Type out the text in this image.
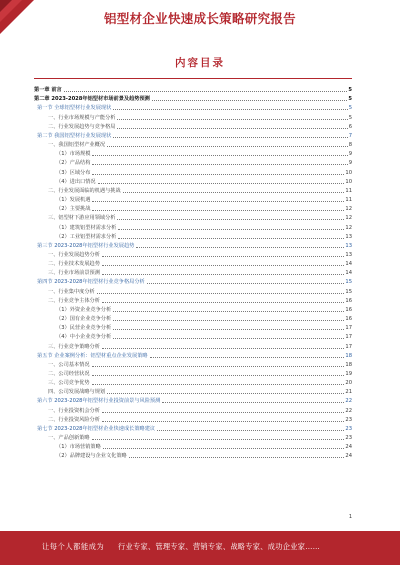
铝型材企业快速成长策略研究报告
内容目录
第一章 前言	5
第二章 2023-2028年铝型材市场前景及趋势预测	5
第一节 全球铝型材行业发展现状	5
一、行业市场规模与产能分析	5
二、行业发展趋势与竞争格局	6
第二节 我国铝型材行业发展现状	7
一、我国铝型材产业概况	8
（1）市场规模	9
（2）产品结构	9
（3）区域分布	10
（4）进出口情况	10
二、行业发展面临的机遇与挑战	11
（1）发展机遇	11
（2）主要挑战	12
三、铝型材下游应用领域分析	12
（1）建筑铝型材需求分析	12
（2）工业铝型材需求分析	13
第三节 2023-2028年铝型材行业发展趋势	13
一、行业发展趋势分析	13
二、行业技术发展趋势	14
三、行业市场前景预测	14
第四节 2023-2028年铝型材行业竞争格局分析	15
一、行业集中度分析	15
二、行业竞争主体分析	16
（1）外资企业竞争分析	16
（2）国有企业竞争分析	16
（3）民营企业竞争分析	17
（4）中小企业竞争分析	17
三、行业竞争策略分析	17
第五节 企业案例分析：铝型材重点企业发展策略	18
一、公司基本情况	18
二、公司经营状况	19
三、公司竞争优势	20
四、公司发展战略与规划	21
第六节 2023-2028年铝型材行业投资前景与风险预测	22
一、行业投资机会分析	22
二、行业投资风险分析	23
第七节 2023-2028年铝型材企业快速成长策略建议	23
一、产品创新策略	23
（1）市场营销策略	24
（2）品牌建设与企业文化策略	24
1
让每个人都能成为 行业专家、管理专家、营销专家、战略专家、成功企业家……
